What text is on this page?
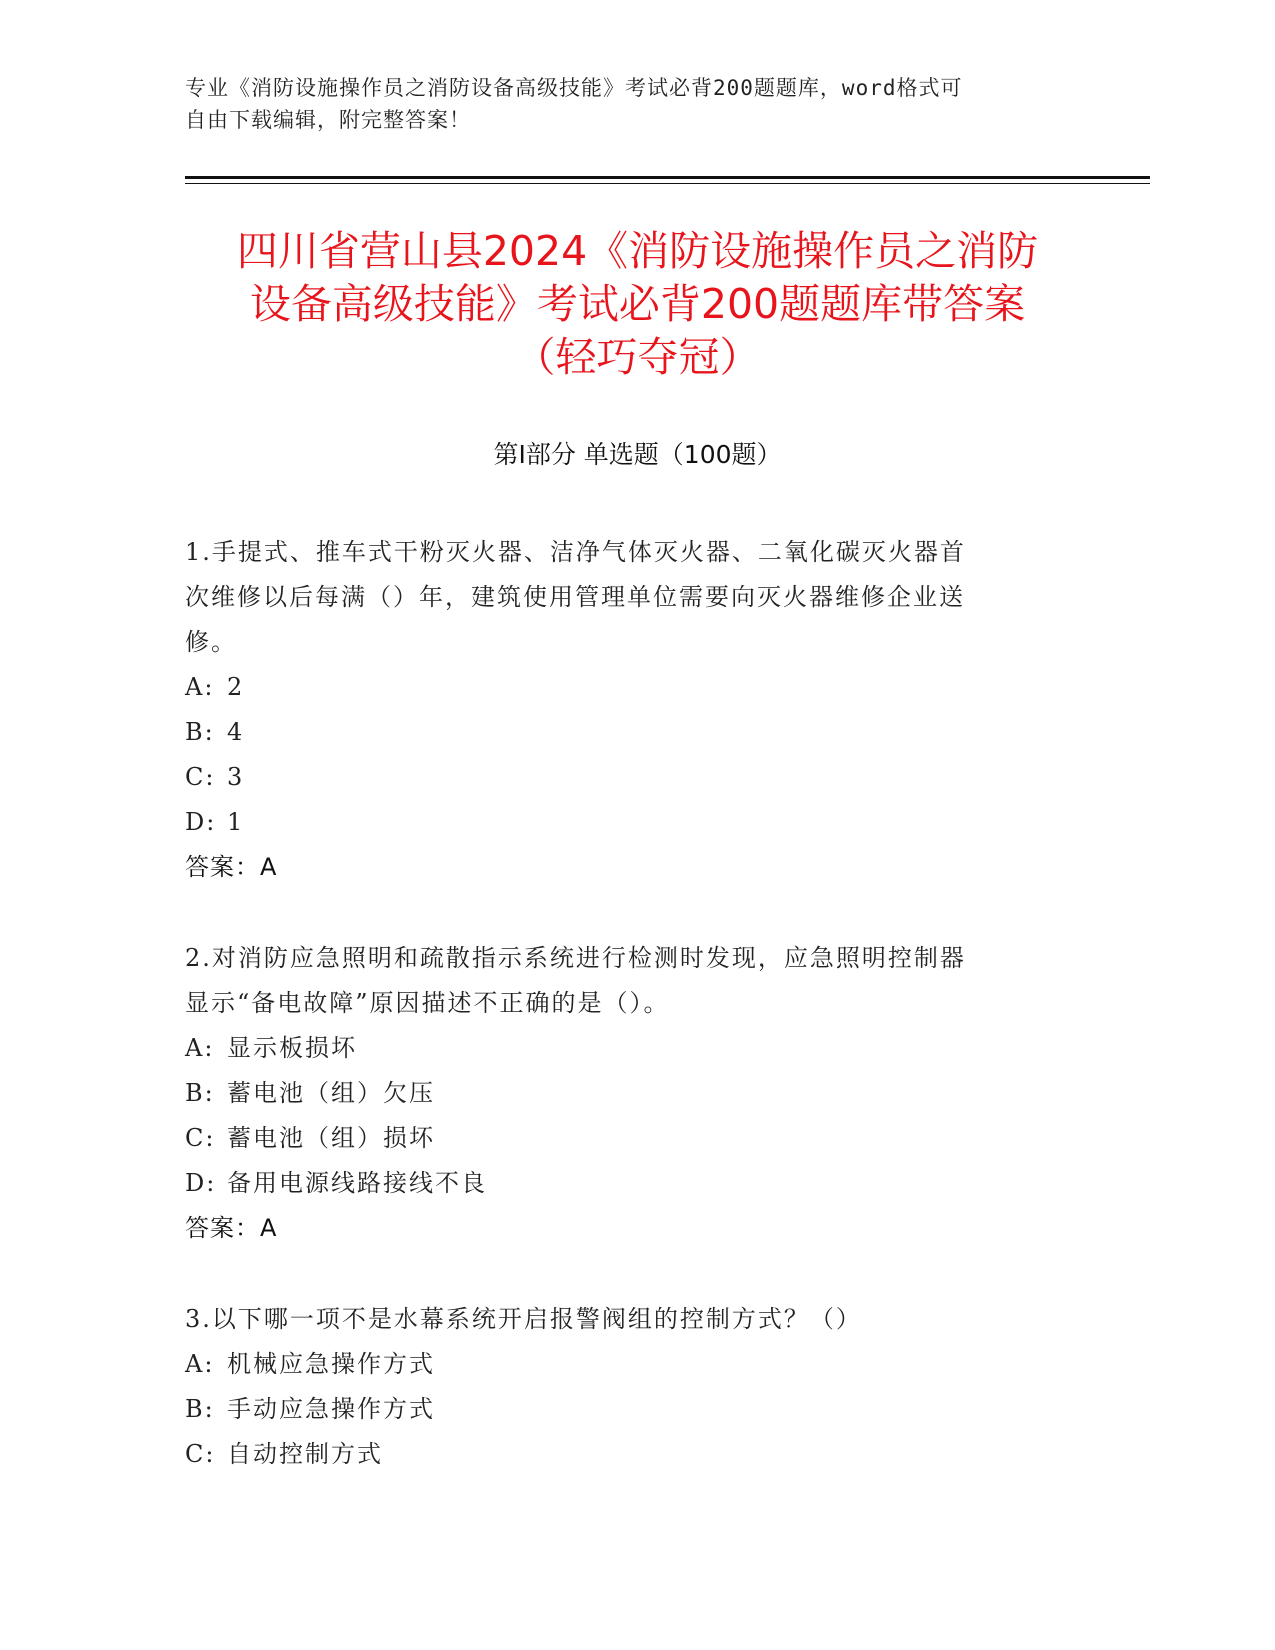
专业《消防设施操作员之消防设备高级技能》考试必背200题题库，word格式可
自由下载编辑，附完整答案！
四川省营山县2024《消防设施操作员之消防
设备高级技能》考试必背200题题库带答案
（轻巧夺冠）
第Ⅰ部分 单选题（100题）
1.手提式、推车式干粉灭火器、洁净气体灭火器、二氧化碳灭火器首
次维修以后每满（）年，建筑使用管理单位需要向灭火器维修企业送
修。
A: 2
B: 4
C: 3
D: 1
答案：A
2.对消防应急照明和疏散指示系统进行检测时发现，应急照明控制器
显示“备电故障”原因描述不正确的是（）。
A: 显示板损坏
B: 蓄电池（组）欠压
C: 蓄电池（组）损坏
D: 备用电源线路接线不良
答案：A
3.以下哪一项不是水幕系统开启报警阀组的控制方式？（）
A: 机械应急操作方式
B: 手动应急操作方式
C: 自动控制方式
